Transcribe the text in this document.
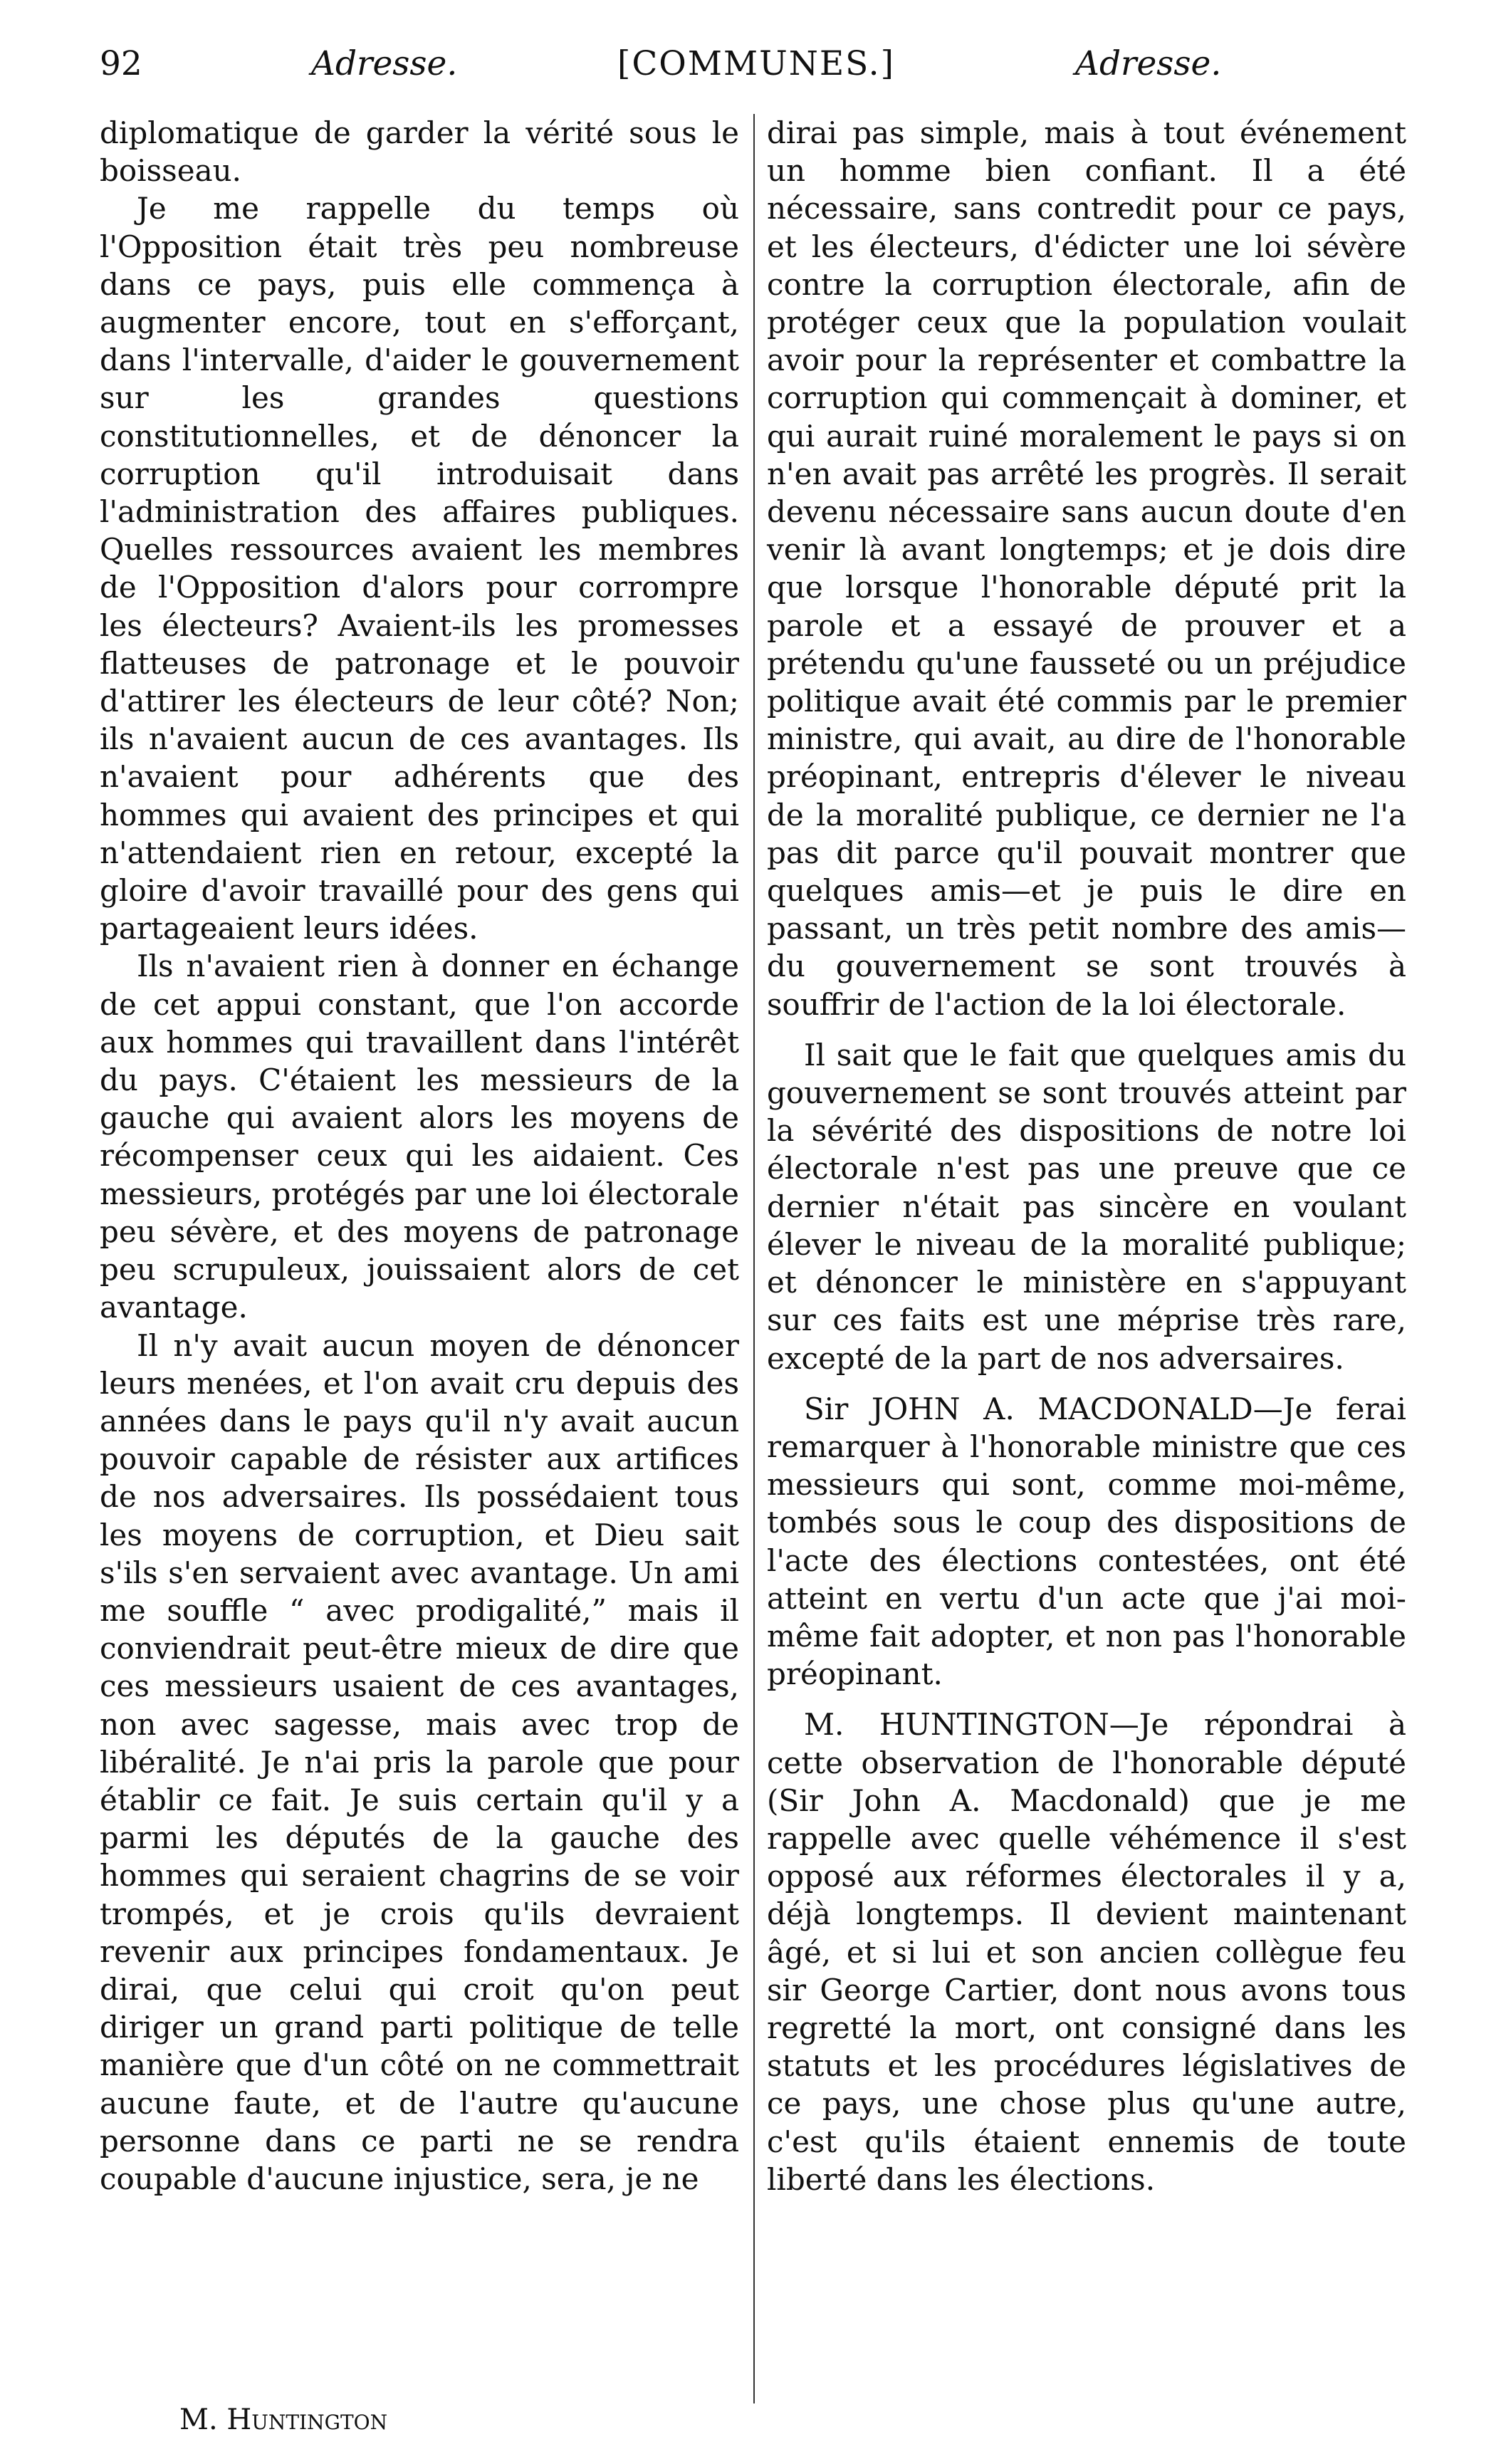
92	Adresse.	[COMMUNES.]	Adresse.

diplomatique de garder la vérité sous le boisseau.

Je me rappelle du temps où l'Opposition était très peu nombreuse dans ce pays, puis elle commença à augmenter encore, tout en s'efforçant, dans l'intervalle, d'aider le gouvernement sur les grandes questions constitutionnelles, et de dénoncer la corruption qu'il introduisait dans l'administration des affaires publiques. Quelles ressources avaient les membres de l'Opposition d'alors pour corrompre les électeurs? Avaient-ils les promesses flatteuses de patronage et le pouvoir d'attirer les électeurs de leur côté? Non; ils n'avaient aucun de ces avantages. Ils n'avaient pour adhérents que des hommes qui avaient des principes et qui n'attendaient rien en retour, excepté la gloire d'avoir travaillé pour des gens qui partageaient leurs idées.

Ils n'avaient rien à donner en échange de cet appui constant, que l'on accorde aux hommes qui travaillent dans l'intérêt du pays. C'étaient les messieurs de la gauche qui avaient alors les moyens de récompenser ceux qui les aidaient. Ces messieurs, protégés par une loi électorale peu sévère, et des moyens de patronage peu scrupuleux, jouissaient alors de cet avantage.

Il n'y avait aucun moyen de dénoncer leurs menées, et l'on avait cru depuis des années dans le pays qu'il n'y avait aucun pouvoir capable de résister aux artifices de nos adversaires. Ils possédaient tous les moyens de corruption, et Dieu sait s'ils s'en servaient avec avantage. Un ami me souffle “ avec prodigalité,” mais il conviendrait peut-être mieux de dire que ces messieurs usaient de ces avantages, non avec sagesse, mais avec trop de libéralité. Je n'ai pris la parole que pour établir ce fait. Je suis certain qu'il y a parmi les députés de la gauche des hommes qui seraient chagrins de se voir trompés, et je crois qu'ils devraient revenir aux principes fondamentaux. Je dirai, que celui qui croit qu'on peut diriger un grand parti politique de telle manière que d'un côté on ne commettrait aucune faute, et de l'autre qu'aucune personne dans ce parti ne se rendra coupable d'aucune injustice, sera, je ne

dirai pas simple, mais à tout événement un homme bien confiant. Il a été nécessaire, sans contredit pour ce pays, et les électeurs, d'édicter une loi sévère contre la corruption électorale, afin de protéger ceux que la population voulait avoir pour la représenter et combattre la corruption qui commençait à dominer, et qui aurait ruiné moralement le pays si on n'en avait pas arrêté les progrès. Il serait devenu nécessaire sans aucun doute d'en venir là avant longtemps; et je dois dire que lorsque l'honorable député prit la parole et a essayé de prouver et a prétendu qu'une fausseté ou un préjudice politique avait été commis par le premier ministre, qui avait, au dire de l'honorable préopinant, entrepris d'élever le niveau de la moralité publique, ce dernier ne l'a pas dit parce qu'il pouvait montrer que quelques amis—et je puis le dire en passant, un très petit nombre des amis—du gouvernement se sont trouvés à souffrir de l'action de la loi électorale.

Il sait que le fait que quelques amis du gouvernement se sont trouvés atteint par la sévérité des dispositions de notre loi électorale n'est pas une preuve que ce dernier n'était pas sincère en voulant élever le niveau de la moralité publique; et dénoncer le ministère en s'appuyant sur ces faits est une méprise très rare, excepté de la part de nos adversaires.

Sir JOHN A. MACDONALD—Je ferai remarquer à l'honorable ministre que ces messieurs qui sont, comme moi-même, tombés sous le coup des dispositions de l'acte des élections contestées, ont été atteint en vertu d'un acte que j'ai moi-même fait adopter, et non pas l'honorable préopinant.

M. HUNTINGTON—Je répondrai à cette observation de l'honorable député (Sir John A. Macdonald) que je me rappelle avec quelle véhémence il s'est opposé aux réformes électorales il y a, déjà longtemps. Il devient maintenant âgé, et si lui et son ancien collègue feu sir George Cartier, dont nous avons tous regretté la mort, ont consigné dans les statuts et les procédures législatives de ce pays, une chose plus qu'une autre, c'est qu'ils étaient ennemis de toute liberté dans les élections.

M. Huntington
